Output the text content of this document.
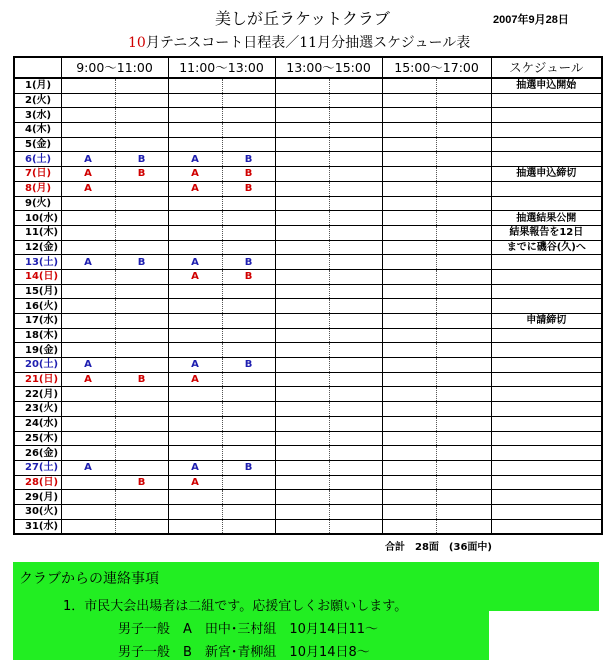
美しが丘ラケットクラブ	2007年9月28日
10月テニスコート日程表／11月分抽選スケジュール表
	9:00～11:00		11:00～13:00		13:00～15:00		15:00～17:00		スケジュール
1(月)									抽選申込開始
2(火)									
3(水)									
4(木)									
5(金)									
6(土)	A	B	A	B					
7(日)	A	B	A	B					抽選申込締切
8(月)	A		A	B					
9(火)									
10(水)									抽選結果公開
11(木)									結果報告を12日
12(金)									までに磯谷(久)へ
13(土)	A	B	A	B					
14(日)			A	B					
15(月)									
16(火)									
17(水)									申請締切
18(木)									
19(金)									
20(土)	A		A	B					
21(日)	A	B	A						
22(月)									
23(火)									
24(水)									
25(木)									
26(金)									
27(土)	A		A	B					
28(日)		B	A						
29(月)									
30(火)									
31(水)									
合計　28面　(36面中)
クラブからの連絡事項
1．市民大会出場者は二組です。応援宜しくお願いします。
男子一般　A　田中･三村組　10月14日11～
男子一般　B　新宮･青柳組　10月14日8～
